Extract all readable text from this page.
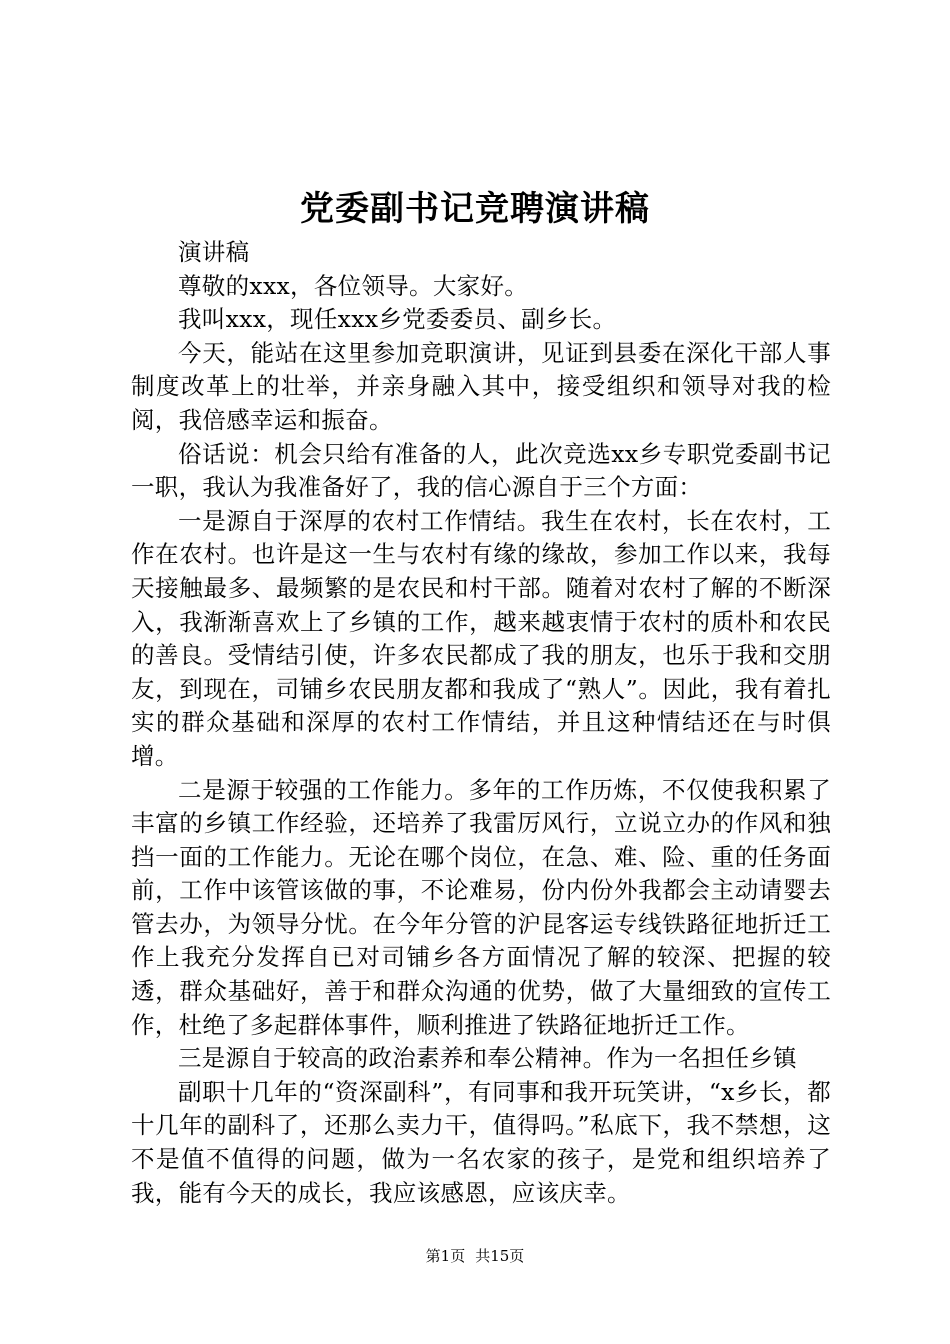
党委副书记竞聘演讲稿

演讲稿

尊敬的xxx，各位领导。大家好。

我叫xxx，现任xxx乡党委委员、副乡长。

今天，能站在这里参加竞职演讲，见证到县委在深化干部人事制度改革上的壮举，并亲身融入其中，接受组织和领导对我的检阅，我倍感幸运和振奋。

俗话说：机会只给有准备的人，此次竞选xx乡专职党委副书记一职，我认为我准备好了，我的信心源自于三个方面：

一是源自于深厚的农村工作情结。我生在农村，长在农村，工作在农村。也许是这一生与农村有缘的缘故，参加工作以来，我每天接触最多、最频繁的是农民和村干部。随着对农村了解的不断深入，我渐渐喜欢上了乡镇的工作，越来越衷情于农村的质朴和农民的善良。受情结引使，许多农民都成了我的朋友，也乐于我和交朋友，到现在，司铺乡农民朋友都和我成了“熟人”。因此，我有着扎实的群众基础和深厚的农村工作情结，并且这种情结还在与时俱增。

二是源于较强的工作能力。多年的工作历炼，不仅使我积累了丰富的乡镇工作经验，还培养了我雷厉风行，立说立办的作风和独挡一面的工作能力。无论在哪个岗位，在急、难、险、重的任务面前，工作中该管该做的事，不论难易，份内份外我都会主动请婴去管去办，为领导分忧。在今年分管的沪昆客运专线铁路征地折迁工作上我充分发挥自已对司铺乡各方面情况了解的较深、把握的较透，群众基础好，善于和群众沟通的优势，做了大量细致的宣传工作，杜绝了多起群体事件，顺利推进了铁路征地折迁工作。

三是源自于较高的政治素养和奉公精神。作为一名担任乡镇

副职十几年的“资深副科”，有同事和我开玩笑讲，“x乡长，都十几年的副科了，还那么卖力干，值得吗。”私底下，我不禁想，这不是值不值得的问题，做为一名农家的孩子，是党和组织培养了我，能有今天的成长，我应该感恩，应该庆幸。

第1页 共15页
